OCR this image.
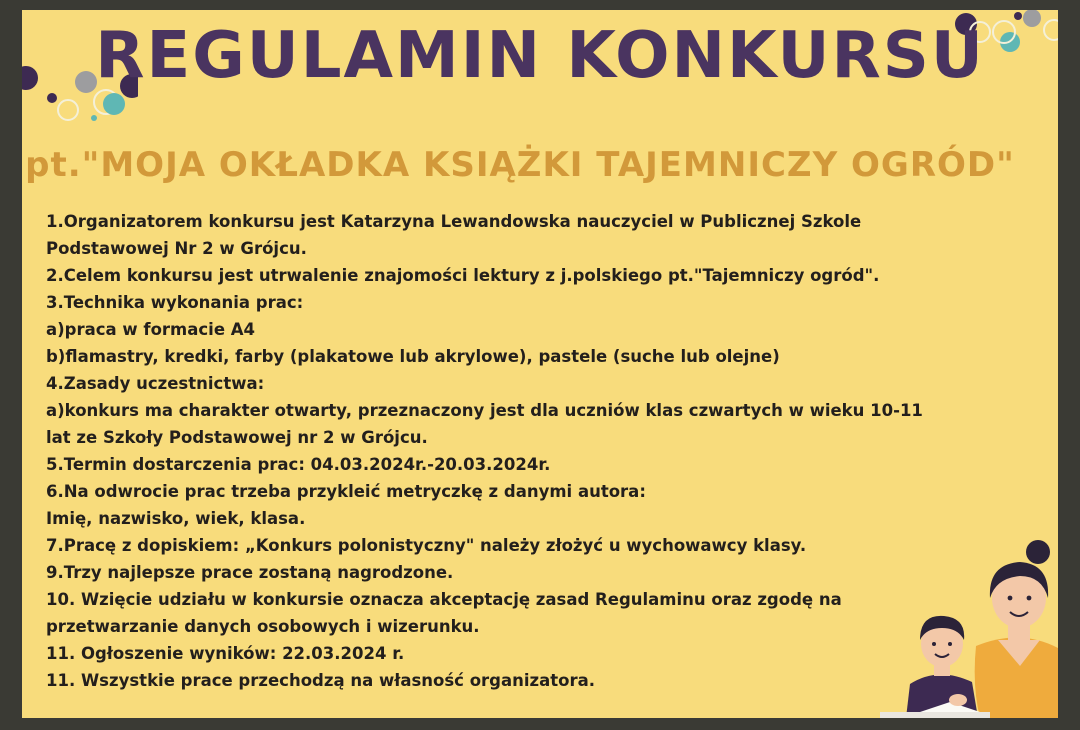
REGULAMIN KONKURSU
pt."MOJA OKŁADKA KSIĄŻKI TAJEMNICZY OGRÓD"
1.Organizatorem konkursu jest Katarzyna Lewandowska nauczyciel w Publicznej Szkole
Podstawowej Nr 2 w Grójcu.
2.Celem konkursu jest utrwalenie znajomości lektury z j.polskiego pt."Tajemniczy ogród".
3.Technika wykonania prac:
a)praca w formacie A4
b)flamastry, kredki, farby (plakatowe lub akrylowe), pastele (suche lub olejne)
4.Zasady uczestnictwa:
a)konkurs ma charakter otwarty, przeznaczony jest dla uczniów klas czwartych w wieku 10-11
lat ze Szkoły Podstawowej nr 2 w Grójcu.
5.Termin dostarczenia prac: 04.03.2024r.-20.03.2024r.
6.Na odwrocie prac trzeba przykleić metryczkę z danymi autora:
Imię, nazwisko, wiek, klasa.
7.Pracę z dopiskiem: „Konkurs polonistyczny" należy złożyć u wychowawcy klasy.
9.Trzy najlepsze prace zostaną nagrodzone.
10. Wzięcie udziału w konkursie oznacza akceptację zasad Regulaminu oraz zgodę na
przetwarzanie danych osobowych i wizerunku.
11. Ogłoszenie wyników: 22.03.2024 r.
11. Wszystkie prace przechodzą na własność organizatora.
